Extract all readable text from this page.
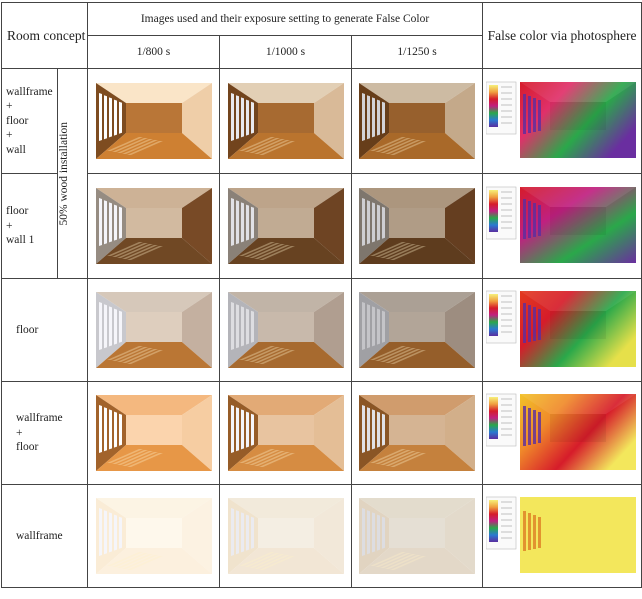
Room concept		Images used and their exposure setting to generate False Color			False color via photosphere
		1/800 s	1/1000 s	1/1250 s	

wallframe
+
floor
+
wall	50% wood installation

floor
+
wall 1

floor

wallframe
+
floor

wallframe
